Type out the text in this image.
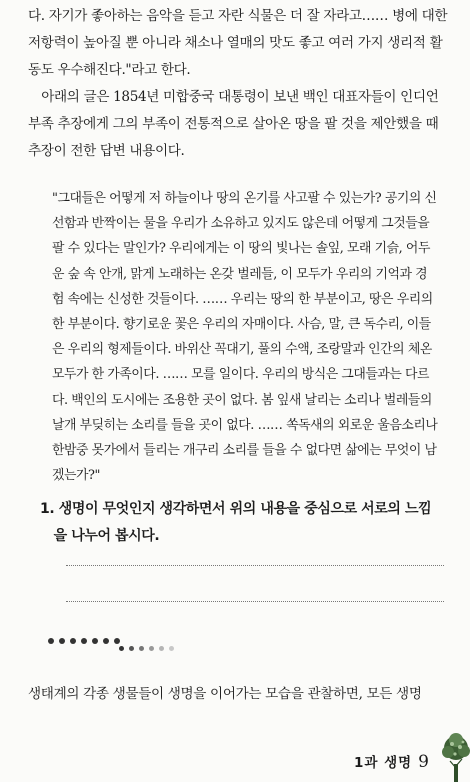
다. 자기가 좋아하는 음악을 듣고 자란 식물은 더 잘 자라고…… 병에 대한
저항력이 높아질 뿐 아니라 채소나 열매의 맛도 좋고 여러 가지 생리적 활
동도 우수해진다."라고 한다.
　아래의 글은 1854년 미합중국 대통령이 보낸 백인 대표자들이 인디언
부족 추장에게 그의 부족이 전통적으로 살아온 땅을 팔 것을 제안했을 때
추장이 전한 답변 내용이다.
"그대들은 어떻게 저 하늘이나 땅의 온기를 사고팔 수 있는가? 공기의 신
선함과 반짝이는 물을 우리가 소유하고 있지도 않은데 어떻게 그것들을
팔 수 있다는 말인가? 우리에게는 이 땅의 빛나는 솔잎, 모래 기슭, 어두
운 숲 속 안개, 맑게 노래하는 온갖 벌레들, 이 모두가 우리의 기억과 경
험 속에는 신성한 것들이다. …… 우리는 땅의 한 부분이고, 땅은 우리의
한 부분이다. 향기로운 꽃은 우리의 자매이다. 사슴, 말, 큰 독수리, 이들
은 우리의 형제들이다. 바위산 꼭대기, 풀의 수액, 조랑말과 인간의 체온
모두가 한 가족이다. …… 모를 일이다. 우리의 방식은 그대들과는 다르
다. 백인의 도시에는 조용한 곳이 없다. 봄 잎새 날리는 소리나 벌레들의
날개 부딪히는 소리를 들을 곳이 없다. …… 쏙독새의 외로운 울음소리나
한밤중 못가에서 들리는 개구리 소리를 들을 수 없다면 삶에는 무엇이 남
겠는가?"
1. 생명이 무엇인지 생각하면서 위의 내용을 중심으로 서로의 느낌
　을 나누어 봅시다.

생태계의 각종 생물들이 생명을 이어가는 모습을 관찰하면, 모든 생명

1과 생명 9
